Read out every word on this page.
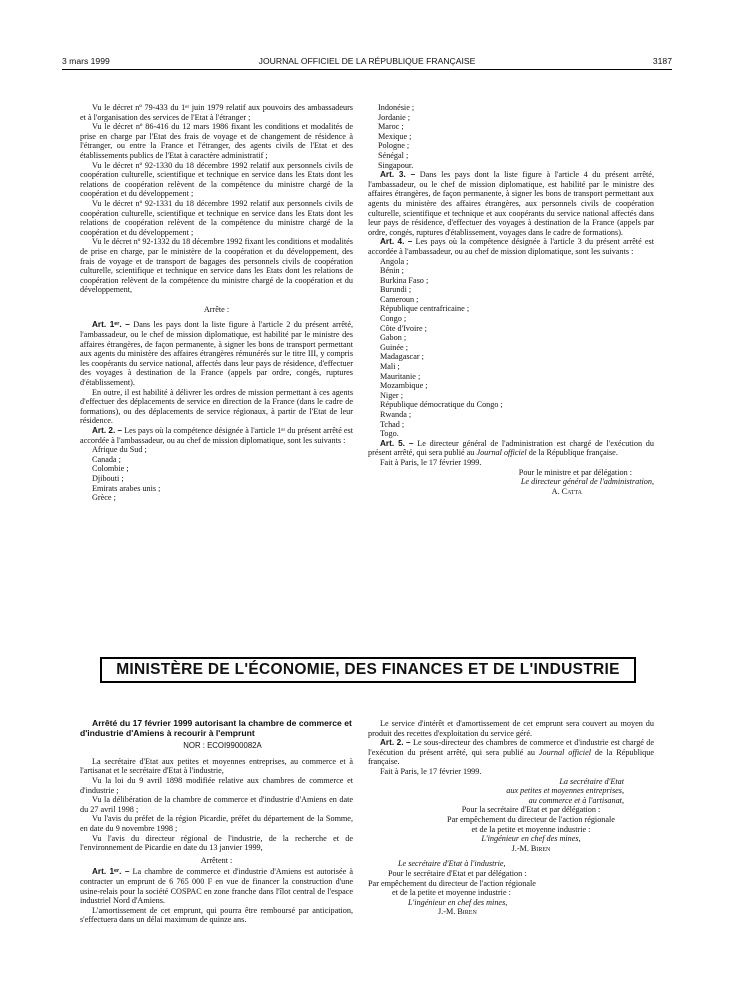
3 mars 1999	JOURNAL OFFICIEL DE LA RÉPUBLIQUE FRANÇAISE	3187

Vu le décret nº 79-433 du 1ᵉʳ juin 1979 relatif aux pouvoirs des ambassadeurs et à l'organisation des services de l'Etat à l'étranger ;

Vu le décret nº 86-416 du 12 mars 1986 fixant les conditions et modalités de prise en charge par l'Etat des frais de voyage et de changement de résidence à l'étranger, ou entre la France et l'étranger, des agents civils de l'Etat et des établissements publics de l'Etat à caractère administratif ;

Vu le décret nº 92-1330 du 18 décembre 1992 relatif aux personnels civils de coopération culturelle, scientifique et technique en service dans les Etats dont les relations de coopération relèvent de la compétence du ministre chargé de la coopération et du développement ;

Vu le décret nº 92-1331 du 18 décembre 1992 relatif aux personnels civils de coopération culturelle, scientifique et technique en service dans les Etats dont les relations de coopération relèvent de la compétence du ministre chargé de la coopération et du développement ;

Vu le décret nº 92-1332 du 18 décembre 1992 fixant les conditions et modalités de prise en charge, par le ministère de la coopération et du développement, des frais de voyage et de transport de bagages des personnels civils de coopération culturelle, scientifique et technique en service dans les Etats dont les relations de coopération relèvent de la compétence du ministre chargé de la coopération et du développement,

Arrête :

Art. 1ᵉʳ. – Dans les pays dont la liste figure à l'article 2 du présent arrêté, l'ambassadeur, ou le chef de mission diplomatique, est habilité par le ministre des affaires étrangères, de façon permanente, à signer les bons de transport permettant aux agents du ministère des affaires étrangères rémunérés sur le titre III, y compris les coopérants du service national, affectés dans leur pays de résidence, d'effectuer des voyages à destination de la France (appels par ordre, congés, ruptures d'établissement).

En outre, il est habilité à délivrer les ordres de mission permettant à ces agents d'effectuer des déplacements de service en direction de la France (dans le cadre de formations), ou des déplacements de service régionaux, à partir de l'Etat de leur résidence.

Art. 2. – Les pays où la compétence désignée à l'article 1ᵉʳ du présent arrêté est accordée à l'ambassadeur, ou au chef de mission diplomatique, sont les suivants :

Afrique du Sud ;
Canada ;
Colombie ;
Djibouti ;
Emirats arabes unis ;
Grèce ;
Indonésie ;
Jordanie ;
Maroc ;
Mexique ;
Pologne ;
Sénégal ;
Singapour.

Art. 3. – Dans les pays dont la liste figure à l'article 4 du présent arrêté, l'ambassadeur, ou le chef de mission diplomatique, est habilité par le ministre des affaires étrangères, de façon permanente, à signer les bons de transport permettant aux agents du ministère des affaires étrangères, aux personnels civils de coopération culturelle, scientifique et technique et aux coopérants du service national affectés dans leur pays de résidence, d'effectuer des voyages à destination de la France (appels par ordre, congés, ruptures d'établissement, voyages dans le cadre de formations).

Art. 4. – Les pays où la compétence désignée à l'article 3 du présent arrêté est accordée à l'ambassadeur, ou au chef de mission diplomatique, sont les suivants :

Angola ;
Bénin ;
Burkina Faso ;
Burundi ;
Cameroun ;
République centrafricaine ;
Congo ;
Côte d'Ivoire ;
Gabon ;
Guinée ;
Madagascar ;
Mali ;
Mauritanie ;
Mozambique ;
Niger ;
République démocratique du Congo ;
Rwanda ;
Tchad ;
Togo.

Art. 5. – Le directeur général de l'administration est chargé de l'exécution du présent arrêté, qui sera publié au Journal officiel de la République française.

Fait à Paris, le 17 février 1999.

Pour le ministre et par délégation :

Le directeur général de l'administration,

A. Catta

MINISTÈRE DE L'ÉCONOMIE, DES FINANCES ET DE L'INDUSTRIE

Arrêté du 17 février 1999 autorisant la chambre de commerce et d'industrie d'Amiens à recourir à l'emprunt

NOR : ECOI9900082A

La secrétaire d'Etat aux petites et moyennes entreprises, au commerce et à l'artisanat et le secrétaire d'Etat à l'industrie,

Vu la loi du 9 avril 1898 modifiée relative aux chambres de commerce et d'industrie ;

Vu la délibération de la chambre de commerce et d'industrie d'Amiens en date du 27 avril 1998 ;

Vu l'avis du préfet de la région Picardie, préfet du département de la Somme, en date du 9 novembre 1998 ;

Vu l'avis du directeur régional de l'industrie, de la recherche et de l'environnement de Picardie en date du 13 janvier 1999,

Arrêtent :

Art. 1ᵉʳ. – La chambre de commerce et d'industrie d'Amiens est autorisée à contracter un emprunt de 6 765 000 F en vue de financer la construction d'une usine-relais pour la société COSPAC en zone franche dans l'îlot central de l'espace industriel Nord d'Amiens.

L'amortissement de cet emprunt, qui pourra être remboursé par anticipation, s'effectuera dans un délai maximum de quinze ans.

Le service d'intérêt et d'amortissement de cet emprunt sera couvert au moyen du produit des recettes d'exploitation du service géré.

Art. 2. – Le sous-directeur des chambres de commerce et d'industrie est chargé de l'exécution du présent arrêté, qui sera publié au Journal officiel de la République française.

Fait à Paris, le 17 février 1999.

La secrétaire d'Etat
aux petites et moyennes entreprises,
au commerce et à l'artisanat,
Pour la secrétaire d'Etat et par délégation :
Par empêchement du directeur de l'action régionale
et de la petite et moyenne industrie :
L'ingénieur en chef des mines,
J.-M. Biren
Le secrétaire d'Etat à l'industrie,
Pour le secrétaire d'Etat et par délégation :
Par empêchement du directeur de l'action régionale
et de la petite et moyenne industrie :
L'ingénieur en chef des mines,
J.-M. Biren
